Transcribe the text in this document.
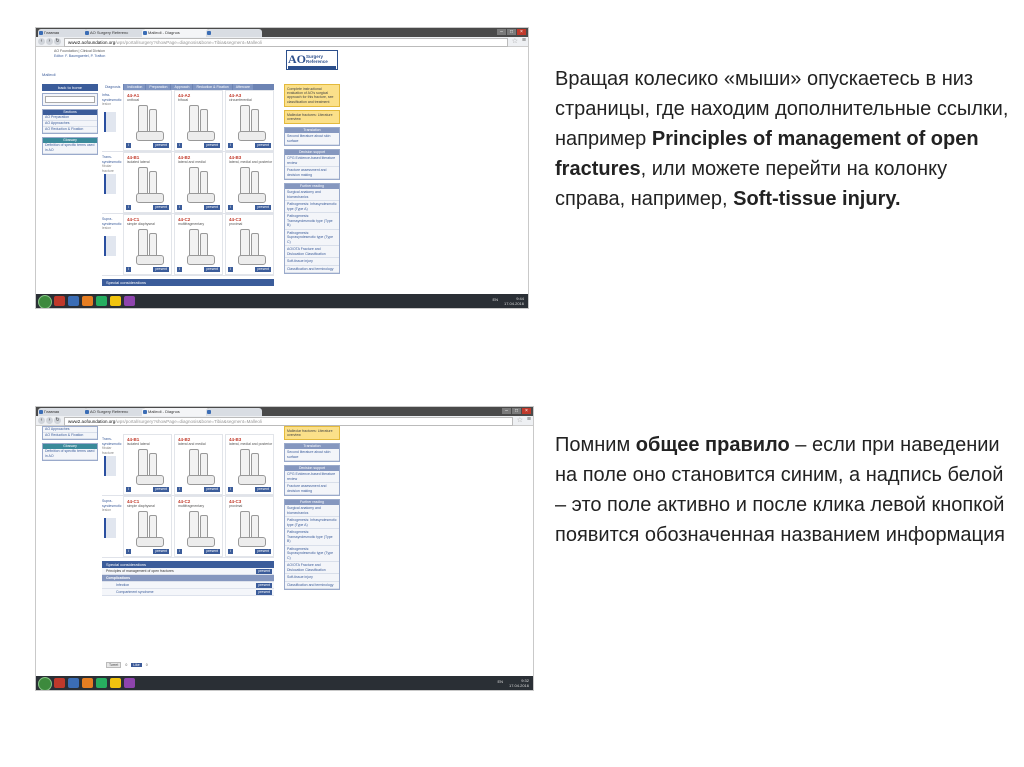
Главная	AO Surgery Referenc	Malleoli - Diagnos	–	□	×
‹	›	↻	www2.aofoundation.org/wps/portal/surgery?showPage=diagnosis&bone=Tibia&segment=Malleoli	☆ ≡
AO Foundation | Clinical Division
Editor: F. Baumgaertel, P. Trafton	AO Surgery Reference
Malleoli
back to home
Sections
AO Preparation
AO Approaches
AO Reduction & Fixation
Glossary
Definition of specific terms used in AO
Diagnosis	Indication	Preparation	Approach	Reduction & Fixation	Aftercare
Infra-syndesmotic
lesion
44-A1
unifocal
i	present
44-A2
bifocal
i	present
44-A3
circumferential
i	present
Trans-syndesmotic
fibular fracture
44-B1
isolated lateral
i	present
44-B2
lateral and medial
i	present
44-B3
lateral, medial and posterior
i	present
Supra-syndesmotic
lesion
44-C1
simple diaphyseal
i	present
44-C2
multifragmentary
i	present
44-C3
proximal
i	present
Special considerations
Complete instructional evaluation of AO's surgical approach for this fracture, see classification and treatment
Malleolar fractures: Literature overview
Translation
Second literature about skin surface
Decision support
CPG Evidence-based literature review
Fracture assessment and decision making
Further reading
Surgical anatomy and biomechanics
Pathogenesis: Infrasyndesmotic type (Type A)
Pathogenesis: Transsyndesmotic type (Type B)
Pathogenesis: Suprasyndesmotic type (Type C)
AO/OTA Fracture and Dislocation Classification
Soft-tissue injury
Classification and terminology
EN	9:44
17.04.2016
Главная	AO Surgery Referenc	Malleoli - Diagnos	–	□	×
‹	›	↻	www2.aofoundation.org/wps/portal/surgery?showPage=diagnosis&bone=Tibia&segment=Malleoli	☆ ≡
AO Approaches
AO Reduction & Fixation
Glossary
Definition of specific terms used in AO
Trans-syndesmotic
fibular fracture
44-B1
isolated lateral
i	present
44-B2
lateral and medial
i	present
44-B3
lateral, medial and posterior
i	present
Supra-syndesmotic
lesion
44-C1
simple diaphyseal
i	present
44-C2
multifragmentary
i	present
44-C3
proximal
i	present
Special considerations
Principles of management of open fractures	present
Complications
Infection	present
Compartment syndrome	present
Tweet	0	Like	0
Malleolar fractures: Literature overview
Translation
Second literature about skin surface
Decision support
CPG Evidence-based literature review
Fracture assessment and decision making
Further reading
Surgical anatomy and biomechanics
Pathogenesis: Infrasyndesmotic type (Type A)
Pathogenesis: Transsyndesmotic type (Type B)
Pathogenesis: Suprasyndesmotic type (Type C)
AO/OTA Fracture and Dislocation Classification
Soft-tissue injury
Classification and terminology
EN	9:32
17.04.2016
Вращая колесико «мыши» опускаетесь в низ страницы, где находим дополнительные ссылки, например Principles of management of open fractures, или можете перейти на колонку справа, например, Soft-tissue injury.
Помним общее правило – если при наведении на поле оно становится синим, а надпись белой – это поле активно и после клика левой кнопкой появится обозначенная названием информация
